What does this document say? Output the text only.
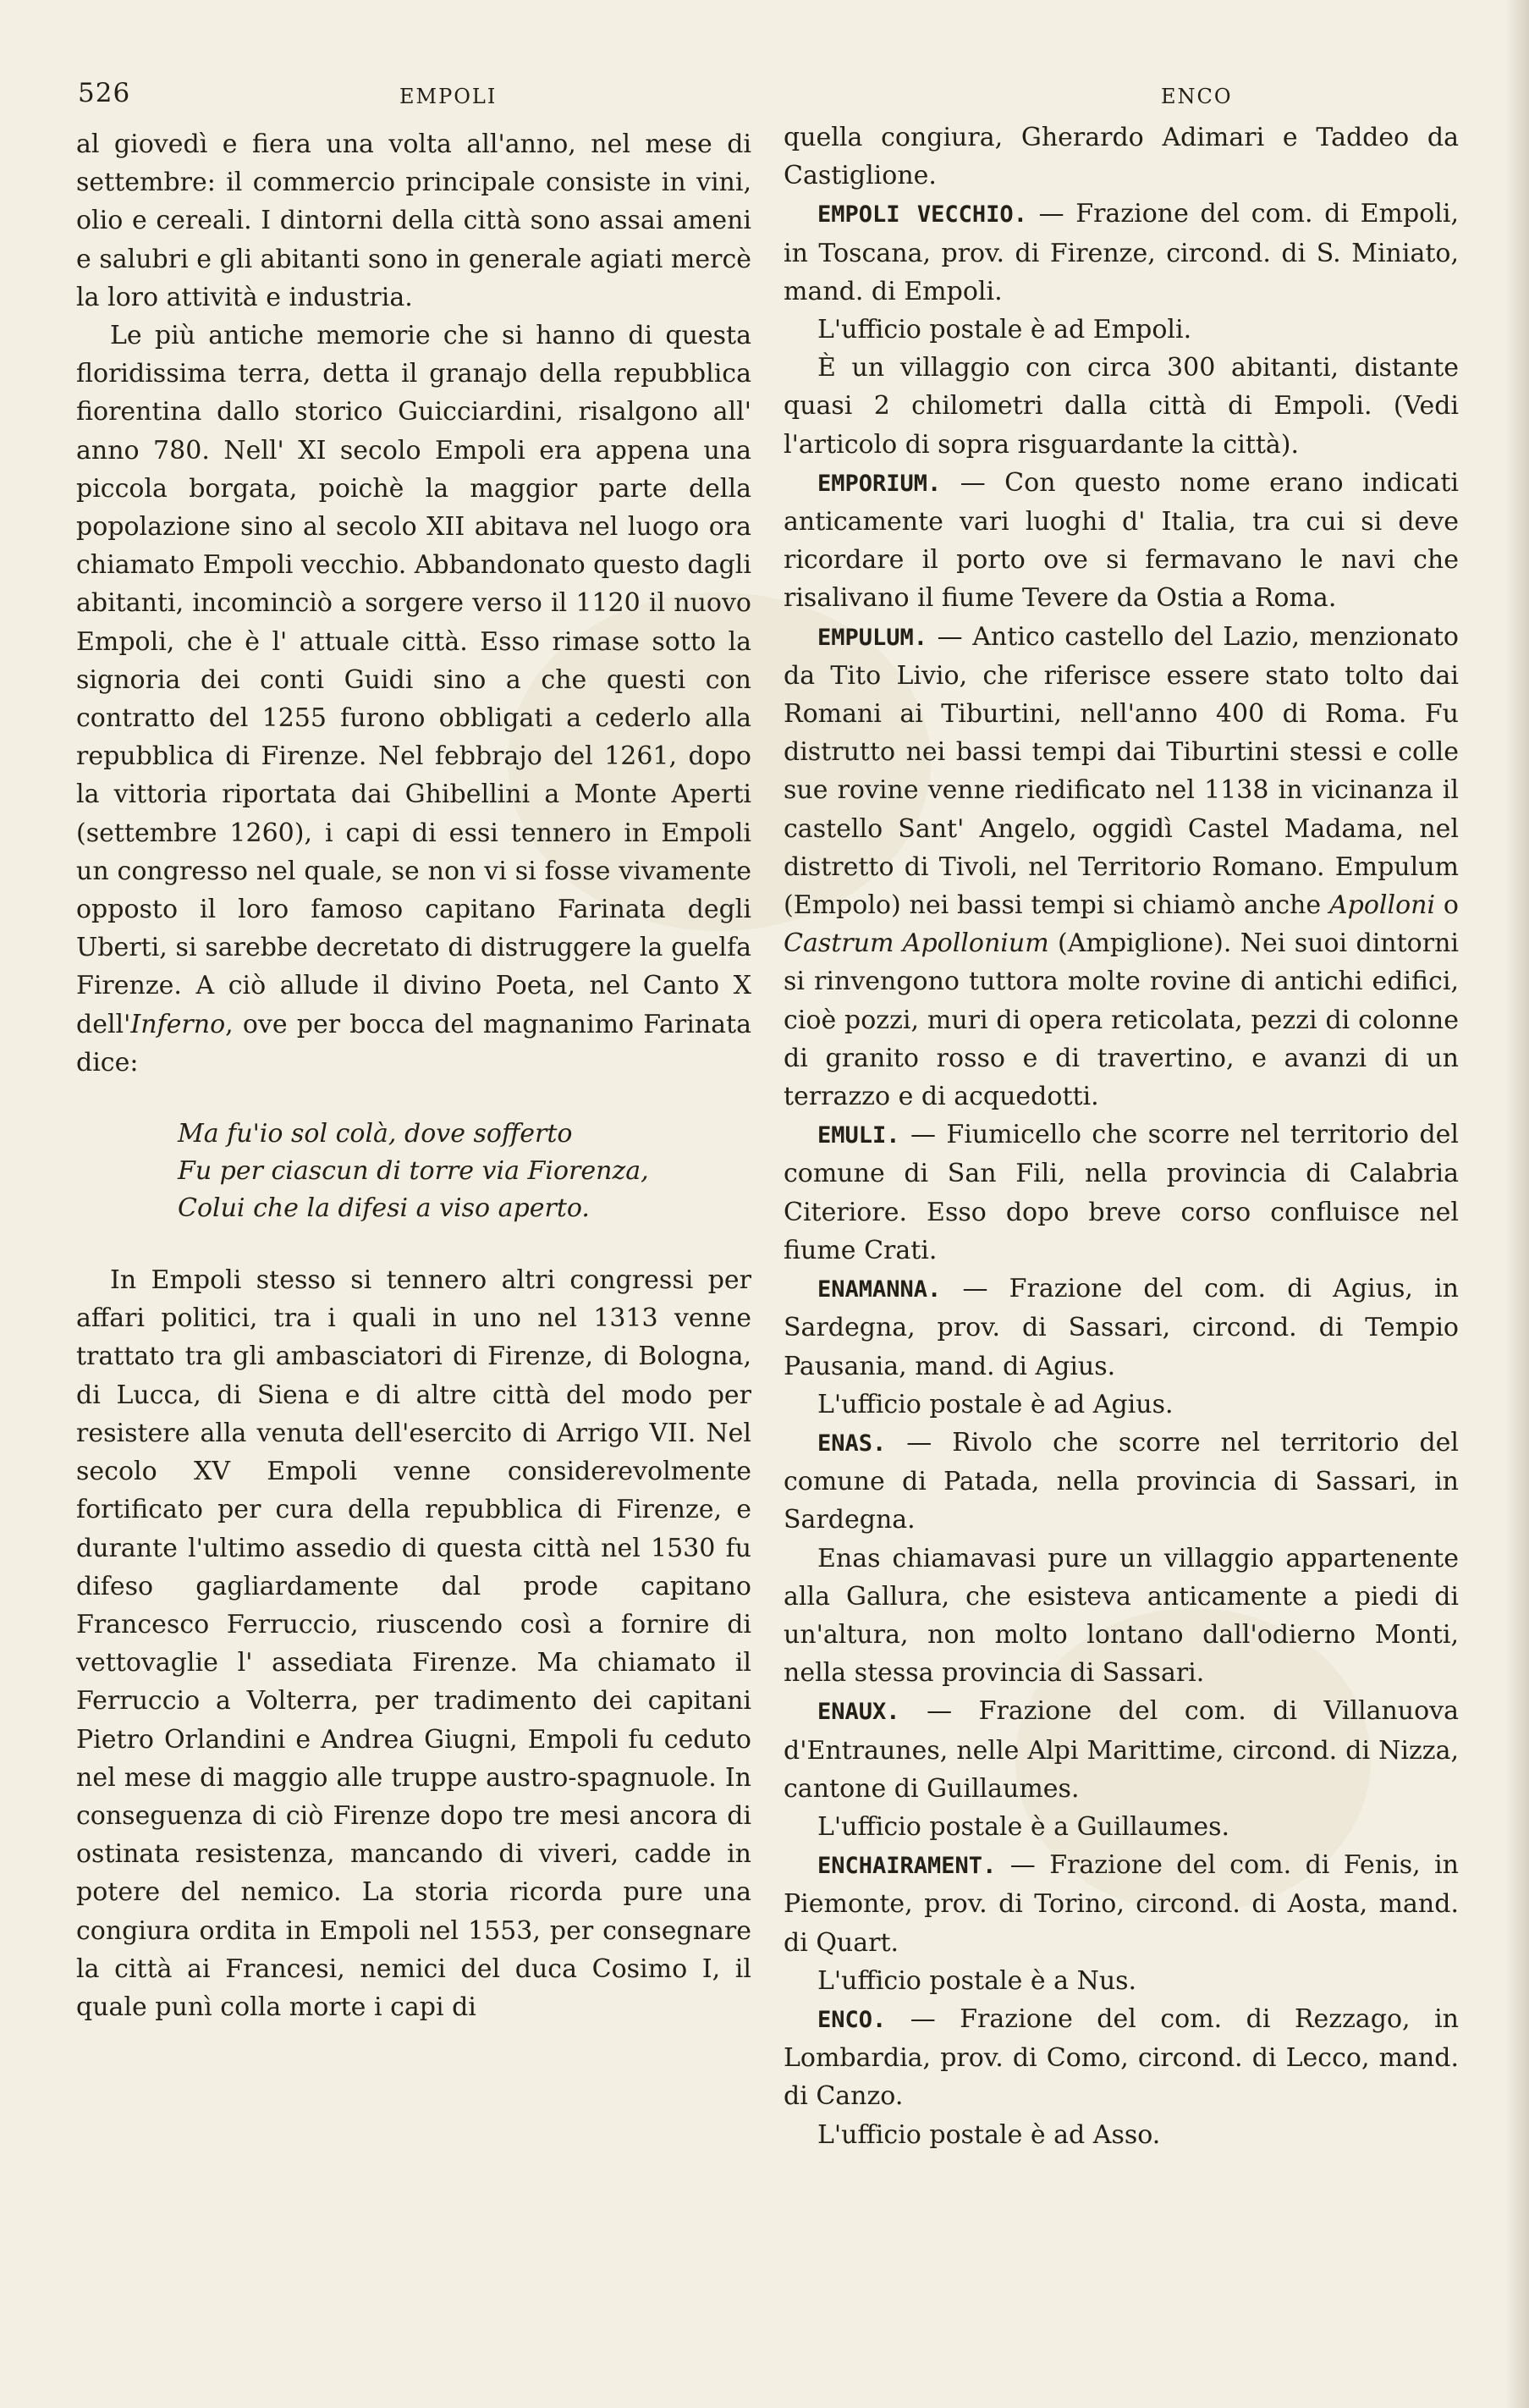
526	EMPOLI	ENCO

al giovedì e fiera una volta all'anno, nel mese di settembre: il commercio principale consiste in vini, olio e cereali. I dintorni della città sono assai ameni e salubri e gli abitanti sono in generale agiati mercè la loro attività e industria.

Le più antiche memorie che si hanno di questa floridissima terra, detta il granajo della repubblica fiorentina dallo storico Guicciardini, risalgono all' anno 780. Nell' XI secolo Empoli era appena una piccola borgata, poichè la maggior parte della popolazione sino al secolo XII abitava nel luogo ora chiamato Empoli vecchio. Abbandonato questo dagli abitanti, incominciò a sorgere verso il 1120 il nuovo Empoli, che è l' attuale città. Esso rimase sotto la signoria dei conti Guidi sino a che questi con contratto del 1255 furono obbligati a cederlo alla repubblica di Firenze. Nel febbrajo del 1261, dopo la vittoria riportata dai Ghibellini a Monte Aperti (settembre 1260), i capi di essi tennero in Empoli un congresso nel quale, se non vi si fosse vivamente opposto il loro famoso capitano Farinata degli Uberti, si sarebbe decretato di distruggere la guelfa Firenze. A ciò allude il divino Poeta, nel Canto X dell'Inferno, ove per bocca del magnanimo Farinata dice:

Ma fu'io sol colà, dove sofferto
Fu per ciascun di torre via Fiorenza,
Colui che la difesi a viso aperto.

In Empoli stesso si tennero altri congressi per affari politici, tra i quali in uno nel 1313 venne trattato tra gli ambasciatori di Firenze, di Bologna, di Lucca, di Siena e di altre città del modo per resistere alla venuta dell'esercito di Arrigo VII. Nel secolo XV Empoli venne considerevolmente fortificato per cura della repubblica di Firenze, e durante l'ultimo assedio di questa città nel 1530 fu difeso gagliardamente dal prode capitano Francesco Ferruccio, riuscendo così a fornire di vettovaglie l' assediata Firenze. Ma chiamato il Ferruccio a Volterra, per tradimento dei capitani Pietro Orlandini e Andrea Giugni, Empoli fu ceduto nel mese di maggio alle truppe austro-spagnuole. In conseguenza di ciò Firenze dopo tre mesi ancora di ostinata resistenza, mancando di viveri, cadde in potere del nemico. La storia ricorda pure una congiura ordita in Empoli nel 1553, per consegnare la città ai Francesi, nemici del duca Cosimo I, il quale punì colla morte i capi di

quella congiura, Gherardo Adimari e Taddeo da Castiglione.

EMPOLI VECCHIO. — Frazione del com. di Empoli, in Toscana, prov. di Firenze, circond. di S. Miniato, mand. di Empoli.

L'ufficio postale è ad Empoli.

È un villaggio con circa 300 abitanti, distante quasi 2 chilometri dalla città di Empoli. (Vedi l'articolo di sopra risguardante la città).

EMPORIUM. — Con questo nome erano indicati anticamente vari luoghi d' Italia, tra cui si deve ricordare il porto ove si fermavano le navi che risalivano il fiume Tevere da Ostia a Roma.

EMPULUM. — Antico castello del Lazio, menzionato da Tito Livio, che riferisce essere stato tolto dai Romani ai Tiburtini, nell'anno 400 di Roma. Fu distrutto nei bassi tempi dai Tiburtini stessi e colle sue rovine venne riedificato nel 1138 in vicinanza il castello Sant' Angelo, oggidì Castel Madama, nel distretto di Tivoli, nel Territorio Romano. Empulum (Empolo) nei bassi tempi si chiamò anche Apolloni o Castrum Apollonium (Ampiglione). Nei suoi dintorni si rinvengono tuttora molte rovine di antichi edifici, cioè pozzi, muri di opera reticolata, pezzi di colonne di granito rosso e di travertino, e avanzi di un terrazzo e di acquedotti.

EMULI. — Fiumicello che scorre nel territorio del comune di San Fili, nella provincia di Calabria Citeriore. Esso dopo breve corso confluisce nel fiume Crati.

ENAMANNA. — Frazione del com. di Agius, in Sardegna, prov. di Sassari, circond. di Tempio Pausania, mand. di Agius.

L'ufficio postale è ad Agius.

ENAS. — Rivolo che scorre nel territorio del comune di Patada, nella provincia di Sassari, in Sardegna.

Enas chiamavasi pure un villaggio appartenente alla Gallura, che esisteva anticamente a piedi di un'altura, non molto lontano dall'odierno Monti, nella stessa provincia di Sassari.

ENAUX. — Frazione del com. di Villanuova d'Entraunes, nelle Alpi Marittime, circond. di Nizza, cantone di Guillaumes.

L'ufficio postale è a Guillaumes.

ENCHAIRAMENT. — Frazione del com. di Fenis, in Piemonte, prov. di Torino, circond. di Aosta, mand. di Quart.

L'ufficio postale è a Nus.

ENCO. — Frazione del com. di Rezzago, in Lombardia, prov. di Como, circond. di Lecco, mand. di Canzo.

L'ufficio postale è ad Asso.
